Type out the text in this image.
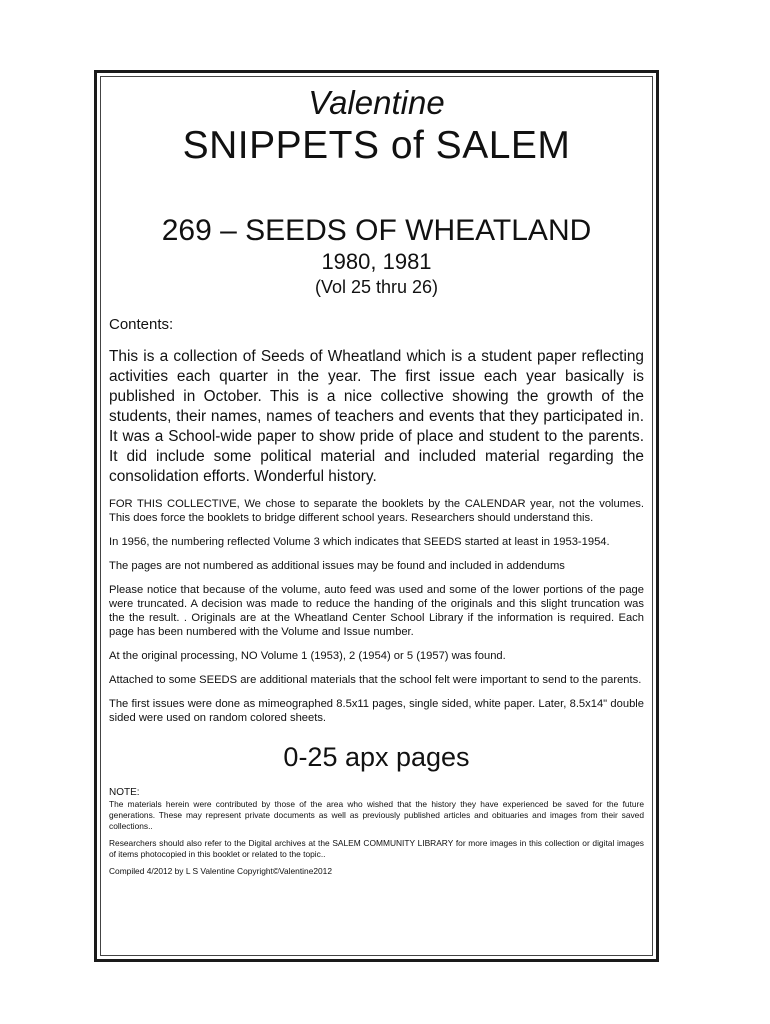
Valentine
SNIPPETS of SALEM
269 – SEEDS OF WHEATLAND
1980, 1981
(Vol 25 thru 26)

Contents:

This is a collection of Seeds of Wheatland which is a student paper reflecting activities each quarter in the year. The first issue each year basically is published in October. This is a nice collective showing the growth of the students, their names, names of teachers and events that they participated in. It was a School-wide paper to show pride of place and student to the parents. It did include some political material and included material regarding the consolidation efforts. Wonderful history.

FOR THIS COLLECTIVE, We chose to separate the booklets by the CALENDAR year, not the volumes. This does force the booklets to bridge different school years. Researchers should understand this.

In 1956, the numbering reflected Volume 3 which indicates that SEEDS started at least in 1953-1954.

The pages are not numbered as additional issues may be found and included in addendums

Please notice that because of the volume, auto feed was used and some of the lower portions of the page were truncated. A decision was made to reduce the handing of the originals and this slight truncation was the the result. . Originals are at the Wheatland Center School Library if the information is required. Each page has been numbered with the Volume and Issue number.

At the original processing, NO Volume 1 (1953), 2 (1954) or 5 (1957) was found.

Attached to some SEEDS are additional materials that the school felt were important to send to the parents.

The first issues were done as mimeographed 8.5x11 pages, single sided, white paper. Later, 8.5x14" double sided were used on random colored sheets.

0-25 apx pages

NOTE:

The materials herein were contributed by those of the area who wished that the history they have experienced be saved for the future generations. These may represent private documents as well as previously published articles and obituaries and images from their saved collections..

Researchers should also refer to the Digital archives at the SALEM COMMUNITY LIBRARY for more images in this collection or digital images of items photocopied in this booklet or related to the topic..

Compiled 4/2012 by L S Valentine Copyright©Valentine2012
